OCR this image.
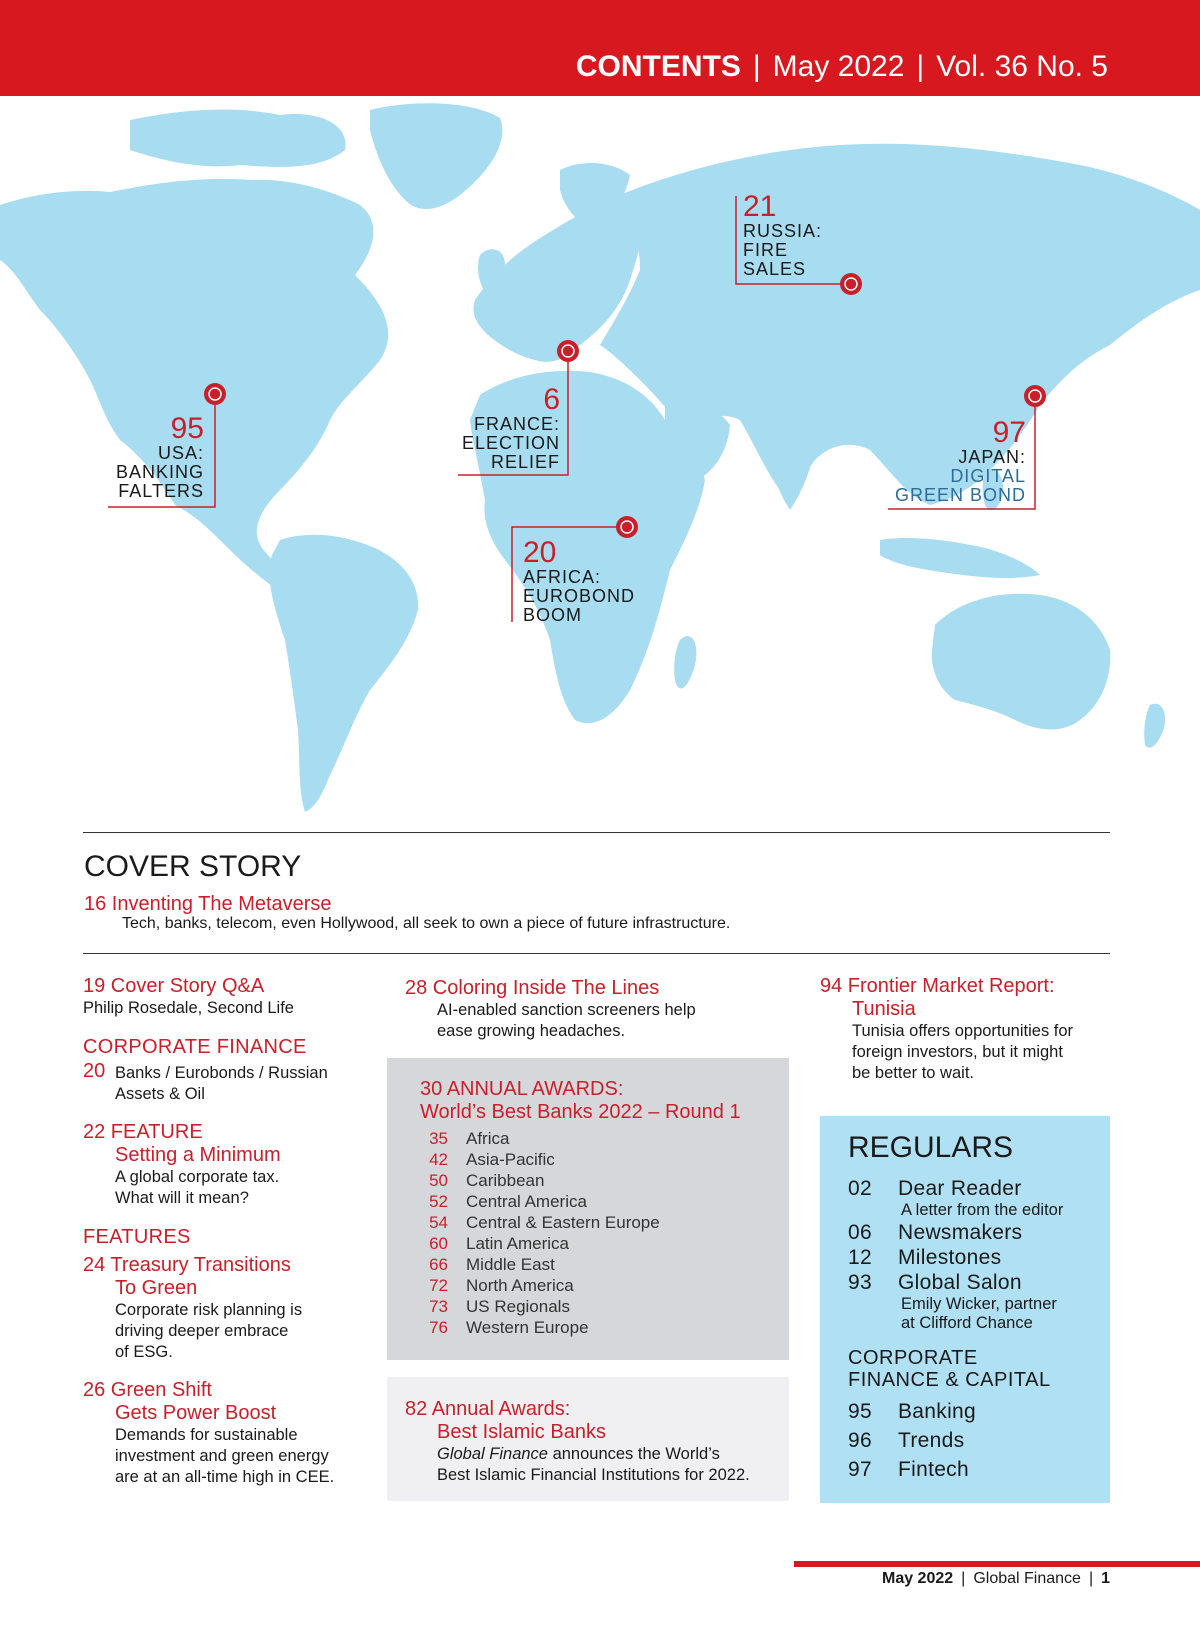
CONTENTS | May 2022 | Vol. 36 No. 5
21
RUSSIA:
FIRE
SALES
6
FRANCE:
ELECTION
RELIEF
95
USA:
BANKING
FALTERS
97
JAPAN:
DIGITAL
GREEN BOND
20
AFRICA:
EUROBOND
BOOM
COVER STORY
16 Inventing The Metaverse
Tech, banks, telecom, even Hollywood, all seek to own a piece of future infrastructure.
19 Cover Story Q&A
Philip Rosedale, Second Life
CORPORATE FINANCE
20 Banks / Eurobonds / Russian
Assets & Oil
22 FEATURE
Setting a Minimum
A global corporate tax.
What will it mean?
FEATURES
24 Treasury Transitions
To Green
Corporate risk planning is
driving deeper embrace
of ESG.
26 Green Shift
Gets Power Boost
Demands for sustainable
investment and green energy
are at an all-time high in CEE.
28 Coloring Inside The Lines
AI-enabled sanction screeners help
ease growing headaches.
30 ANNUAL AWARDS:
World’s Best Banks 2022 – Round 1
35	Africa
42	Asia-Pacific
50	Caribbean
52	Central America
54	Central & Eastern Europe
60	Latin America
66	Middle East
72	North America
73	US Regionals
76	Western Europe
82 Annual Awards:
Best Islamic Banks
Global Finance announces the World’s
Best Islamic Financial Institutions for 2022.
94 Frontier Market Report:
Tunisia
Tunisia offers opportunities for
foreign investors, but it might
be better to wait.
REGULARS
02	Dear Reader
A letter from the editor
06	Newsmakers
12	Milestones
93	Global Salon
Emily Wicker, partner
at Clifford Chance
CORPORATE
FINANCE & CAPITAL
95	Banking
96	Trends
97	Fintech
May 2022 | Global Finance | 1
